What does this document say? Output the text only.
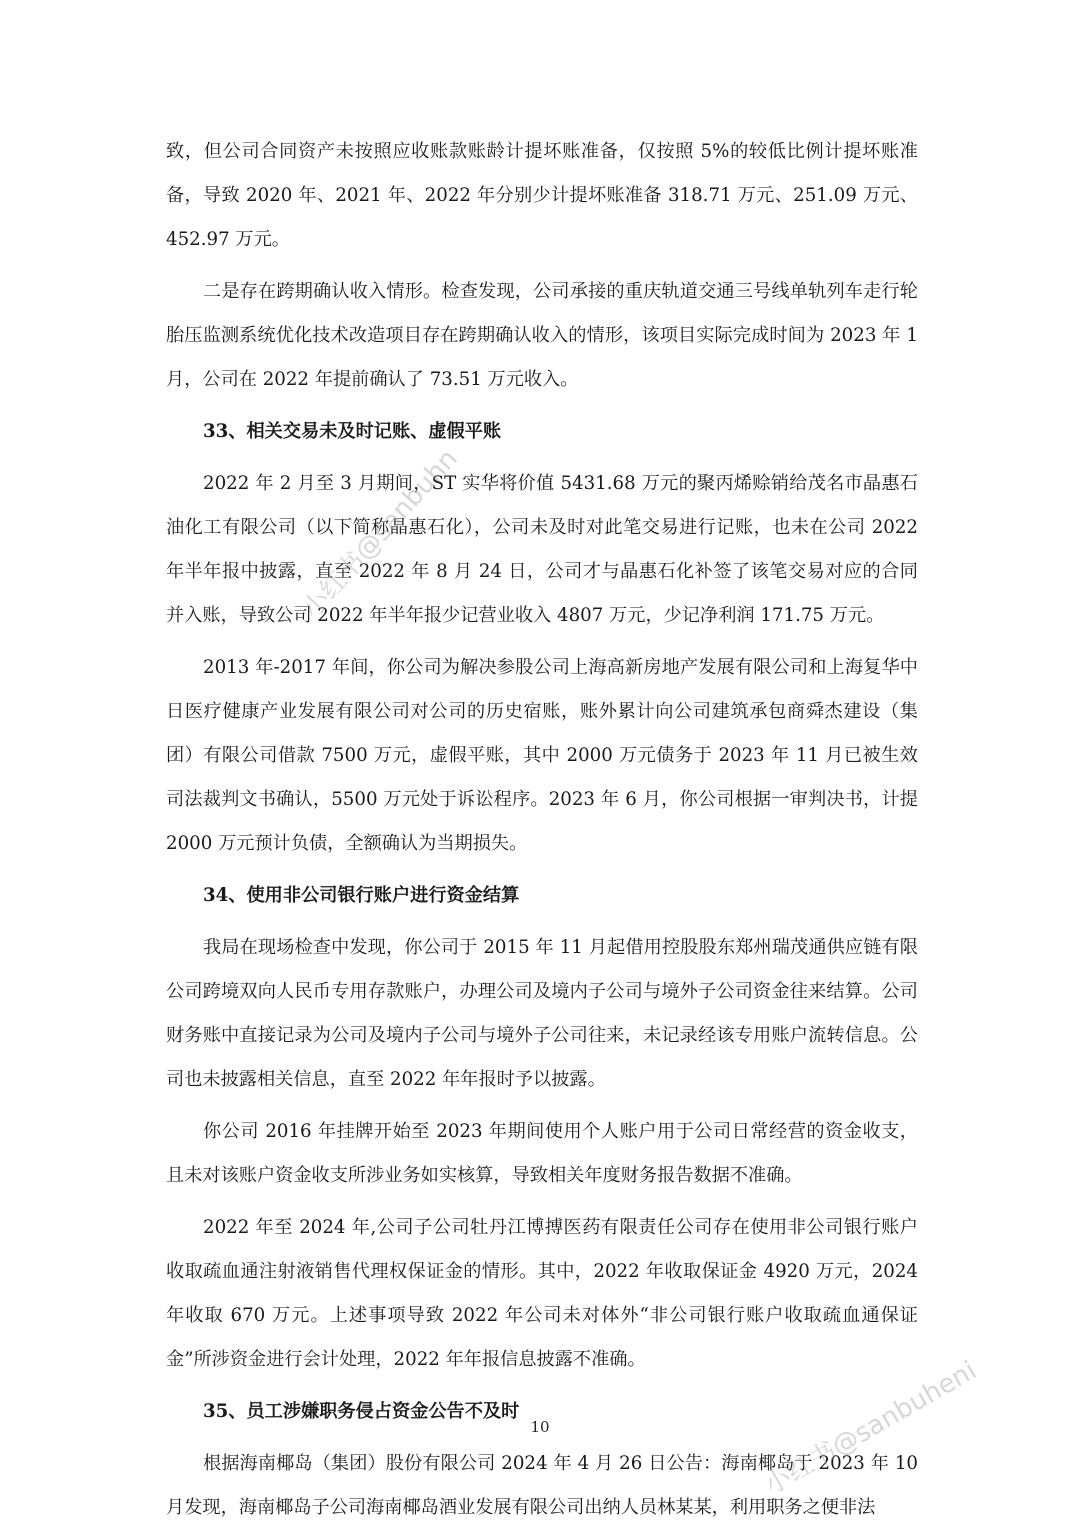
致，但公司合同资产未按照应收账款账龄计提坏账准备，仅按照 5%的较低比例计提坏账准备，导致 2020 年、2021 年、2022 年分别少计提坏账准备 318.71 万元、251.09 万元、452.97 万元。

二是存在跨期确认收入情形。检查发现，公司承接的重庆轨道交通三号线单轨列车走行轮胎压监测系统优化技术改造项目存在跨期确认收入的情形，该项目实际完成时间为 2023 年 1 月，公司在 2022 年提前确认了 73.51 万元收入。

33、相关交易未及时记账、虚假平账

2022 年 2 月至 3 月期间，ST 实华将价值 5431.68 万元的聚丙烯赊销给茂名市晶惠石油化工有限公司（以下简称晶惠石化），公司未及时对此笔交易进行记账，也未在公司 2022 年半年报中披露，直至 2022 年 8 月 24 日，公司才与晶惠石化补签了该笔交易对应的合同并入账，导致公司 2022 年半年报少记营业收入 4807 万元，少记净利润 171.75 万元。

2013 年-2017 年间，你公司为解决参股公司上海高新房地产发展有限公司和上海复华中日医疗健康产业发展有限公司对公司的历史宿账，账外累计向公司建筑承包商舜杰建设（集团）有限公司借款 7500 万元，虚假平账，其中 2000 万元债务于 2023 年 11 月已被生效司法裁判文书确认，5500 万元处于诉讼程序。2023 年 6 月，你公司根据一审判决书，计提 2000 万元预计负债，全额确认为当期损失。

34、使用非公司银行账户进行资金结算

我局在现场检查中发现，你公司于 2015 年 11 月起借用控股股东郑州瑞茂通供应链有限公司跨境双向人民币专用存款账户，办理公司及境内子公司与境外子公司资金往来结算。公司财务账中直接记录为公司及境内子公司与境外子公司往来，未记录经该专用账户流转信息。公司也未披露相关信息，直至 2022 年年报时予以披露。

你公司 2016 年挂牌开始至 2023 年期间使用个人账户用于公司日常经营的资金收支，且未对该账户资金收支所涉业务如实核算，导致相关年度财务报告数据不准确。

2022 年至 2024 年,公司子公司牡丹江博搏医药有限责任公司存在使用非公司银行账户收取疏血通注射液销售代理权保证金的情形。其中，2022 年收取保证金 4920 万元，2024 年收取 670 万元。上述事项导致 2022 年公司未对体外“非公司银行账户收取疏血通保证金”所涉资金进行会计处理，2022 年年报信息披露不准确。

35、员工涉嫌职务侵占资金公告不及时

根据海南椰岛（集团）股份有限公司 2024 年 4 月 26 日公告：海南椰岛于 2023 年 10 月发现，海南椰岛子公司海南椰岛酒业发展有限公司出纳人员林某某，利用职务之便非法

10
小红书@sanbuhn
小红书@sanbuheni
